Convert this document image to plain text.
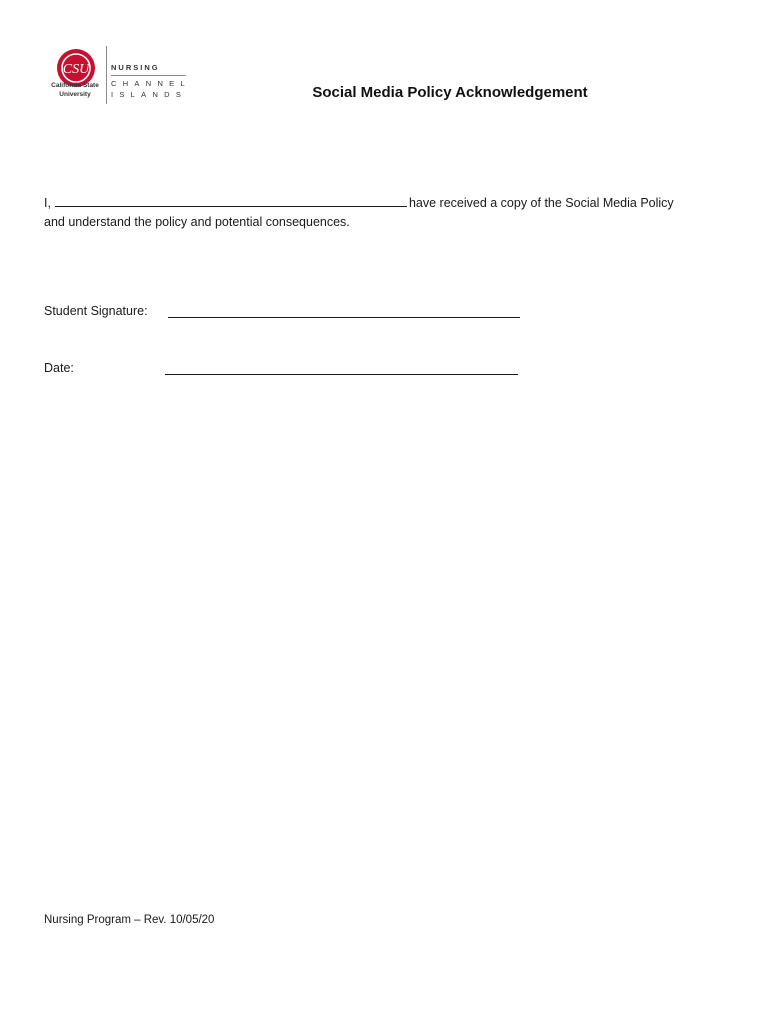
CSU
California State
University
NURSING
CHANNEL
ISLANDS	Social Media Policy Acknowledgement
I,	have received a copy of the Social Media Policy
and understand the policy and potential consequences.
Student Signature:
Date:
Nursing Program – Rev. 10/05/20
